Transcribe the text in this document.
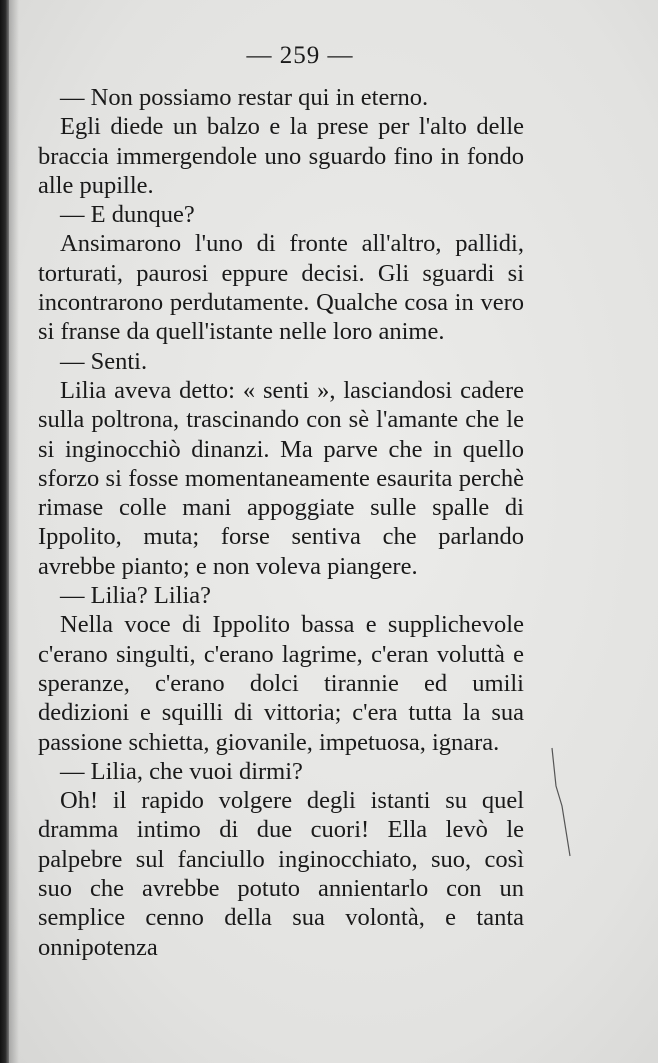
— 259 —

— Non possiamo restar qui in eterno.

Egli diede un balzo e la prese per l'alto delle braccia immergendole uno sguardo fino in fondo alle pupille.

— E dunque?

Ansimarono l'uno di fronte all'altro, pallidi, torturati, paurosi eppure decisi. Gli sguardi si incontrarono perdutamente. Qualche cosa in vero si franse da quell'istante nelle loro anime.

— Senti.

Lilia aveva detto: « senti », lasciandosi cadere sulla poltrona, trascinando con sè l'amante che le si inginocchiò dinanzi. Ma parve che in quello sforzo si fosse momentaneamente esaurita perchè rimase colle mani appoggiate sulle spalle di Ippolito, muta; forse sentiva che parlando avrebbe pianto; e non voleva piangere.

— Lilia? Lilia?

Nella voce di Ippolito bassa e supplichevole c'erano singulti, c'erano lagrime, c'eran voluttà e speranze, c'erano dolci tirannie ed umili dedizioni e squilli di vittoria; c'era tutta la sua passione schietta, giovanile, impetuosa, ignara.

— Lilia, che vuoi dirmi?

Oh! il rapido volgere degli istanti su quel dramma intimo di due cuori! Ella levò le palpebre sul fanciullo inginocchiato, suo, così suo che avrebbe potuto annientarlo con un semplice cenno della sua volontà, e tanta onnipotenza
